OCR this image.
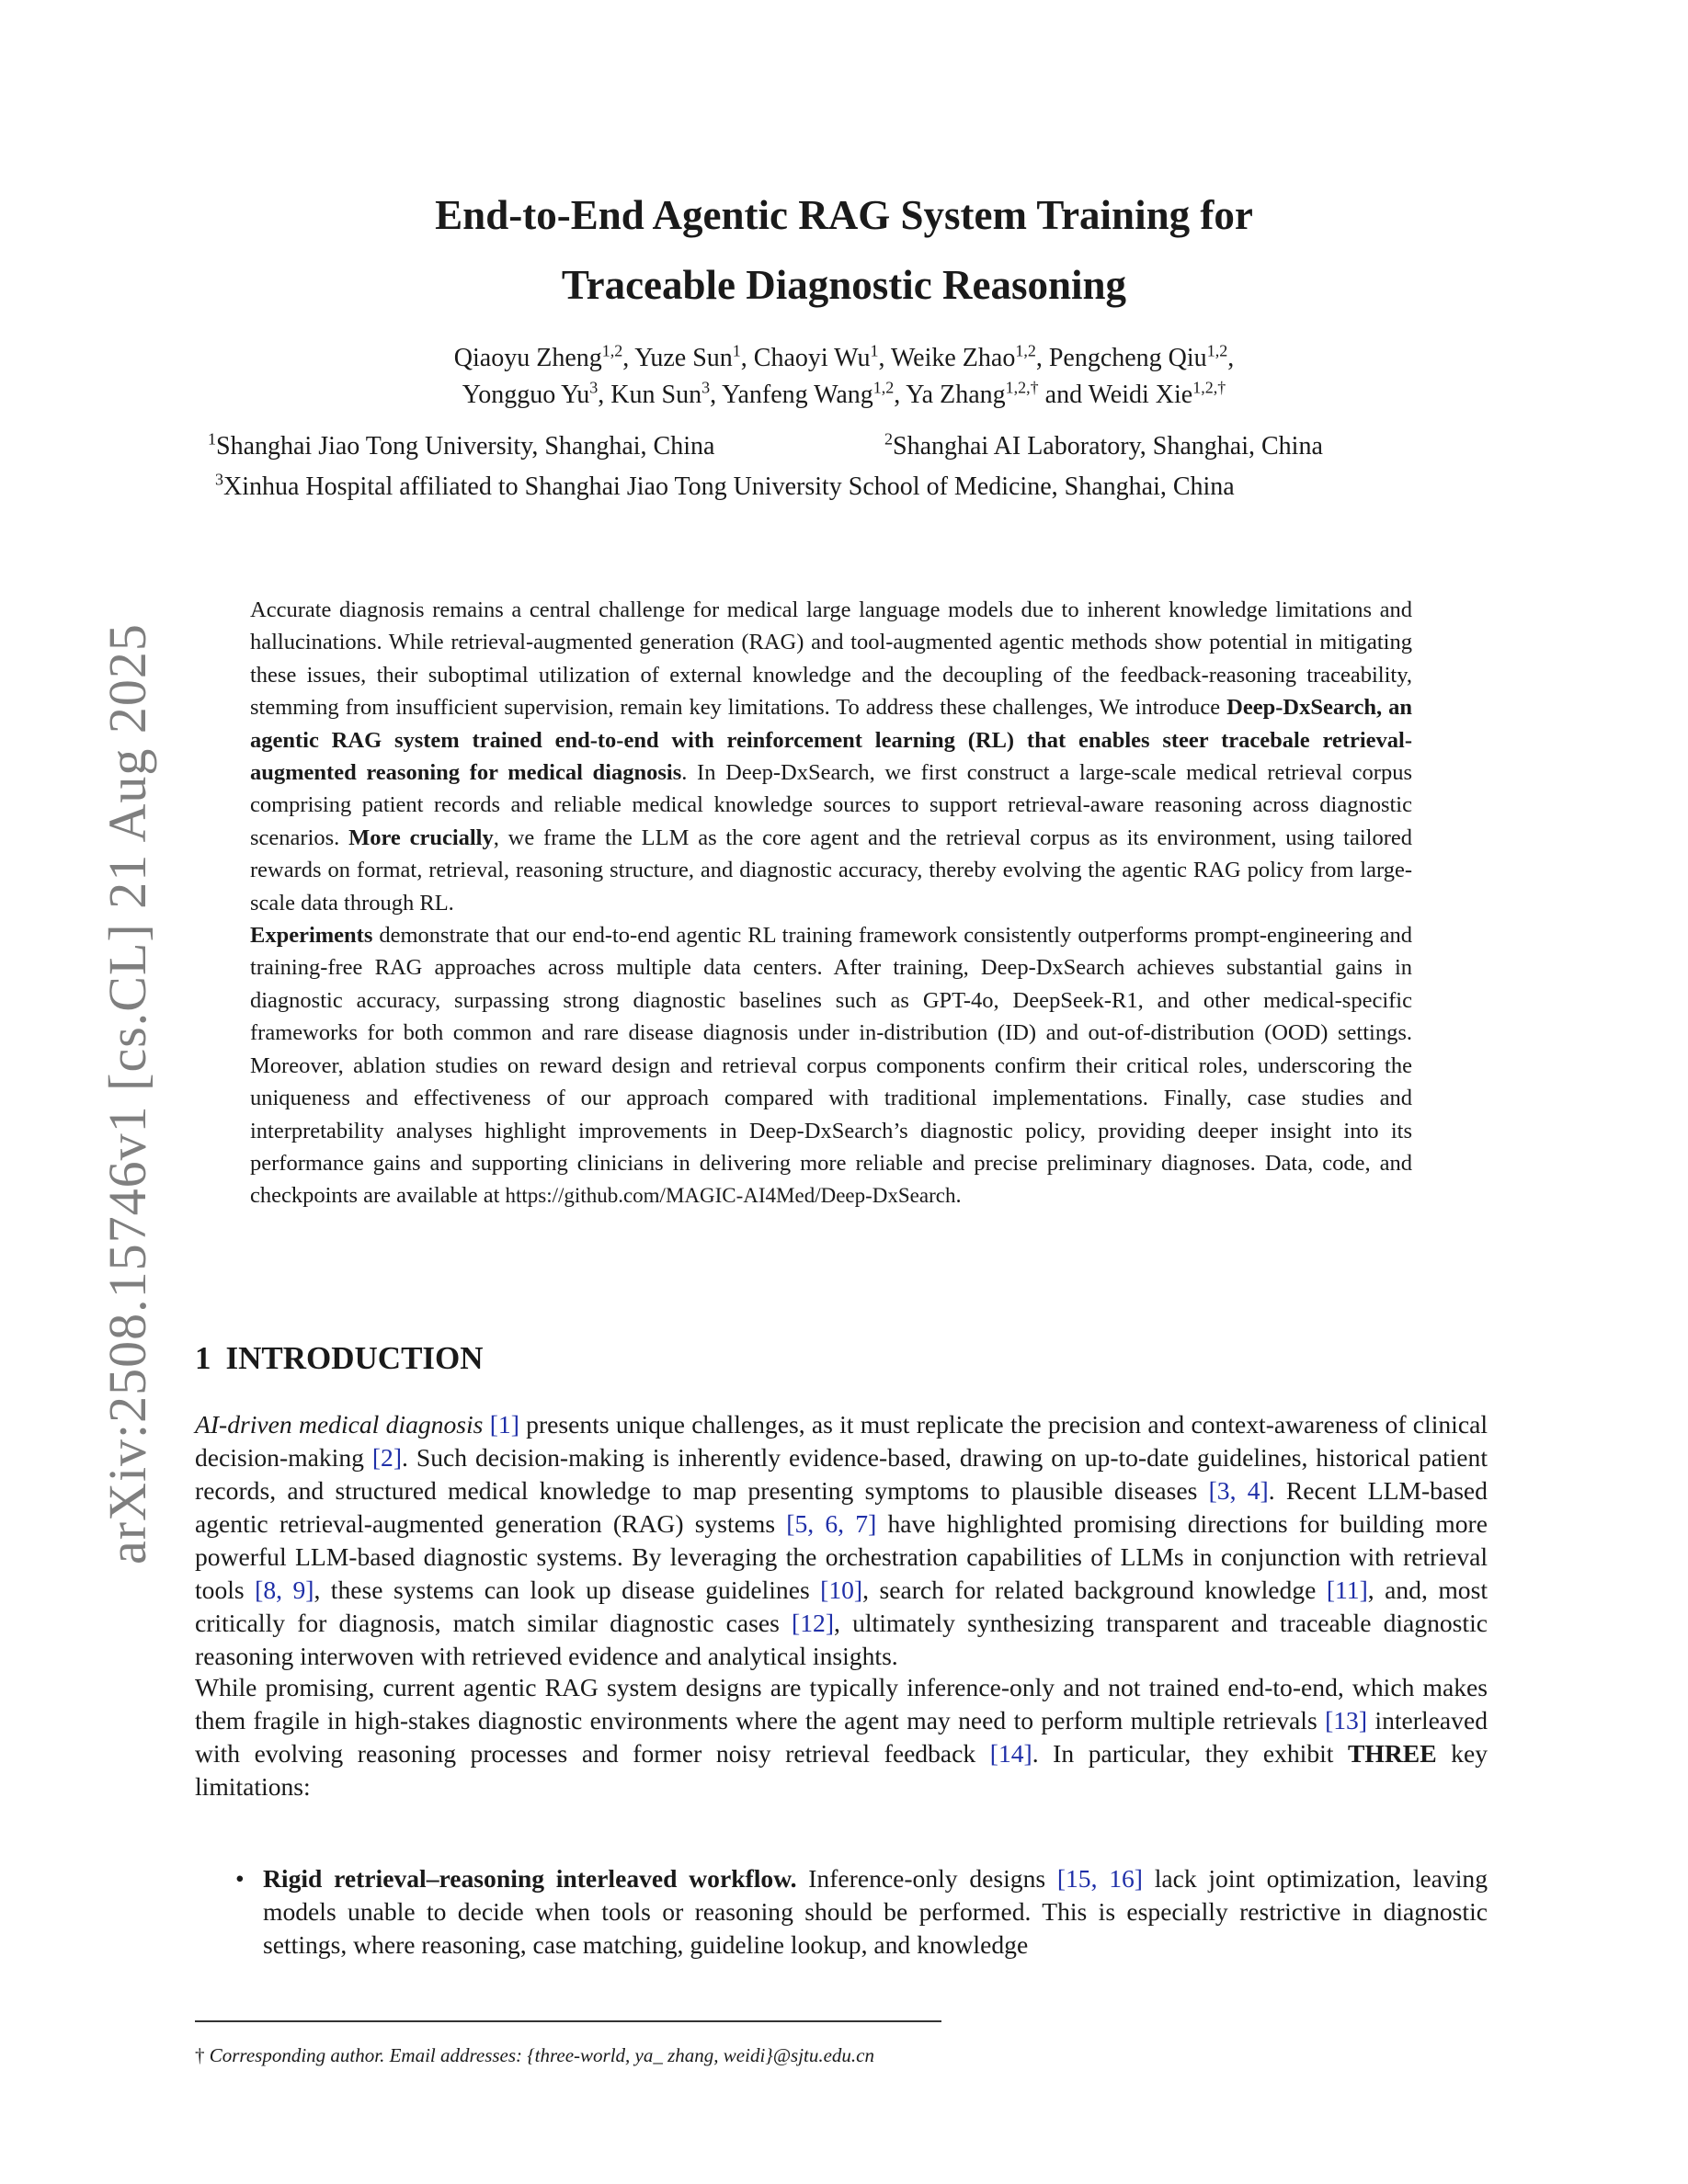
arXiv:2508.15746v1 [cs.CL] 21 Aug 2025

End-to-End Agentic RAG System Training for

Traceable Diagnostic Reasoning

Qiaoyu Zheng$^{1,2}$, Yuze Sun$^1$, Chaoyi Wu$^1$, Weike Zhao$^{1,2}$, Pengcheng Qiu$^{1,2}$,
Yongguo Yu$^3$, Kun Sun$^3$, Yanfeng Wang$^{1,2}$, Ya Zhang$^{1,2,\dagger}$ and Weidi Xie$^{1,2,\dagger}$
$^1$Shanghai Jiao Tong University, Shanghai, China	$^2$Shanghai AI Laboratory, Shanghai, China
$^3$Xinhua Hospital affiliated to Shanghai Jiao Tong University School of Medicine, Shanghai, China

Accurate diagnosis remains a central challenge for medical large language models due to inherent knowledge limitations and hallucinations. While retrieval-augmented generation (RAG) and tool-augmented agentic methods show potential in mitigating these issues, their suboptimal utilization of external knowledge and the decoupling of the feedback-reasoning traceability, stemming from insufficient supervision, remain key limitations. To address these challenges, We introduce Deep-DxSearch, an agentic RAG system trained end-to-end with reinforcement learning (RL) that enables steer tracebale retrieval-augmented reasoning for medical diagnosis. In Deep-DxSearch, we first construct a large-scale medical retrieval corpus comprising patient records and reliable medical knowledge sources to support retrieval-aware reasoning across diagnostic scenarios. More crucially, we frame the LLM as the core agent and the retrieval corpus as its environment, using tailored rewards on format, retrieval, reasoning structure, and diagnostic accuracy, thereby evolving the agentic RAG policy from large-scale data through RL.

Experiments demonstrate that our end-to-end agentic RL training framework consistently outperforms prompt-engineering and training-free RAG approaches across multiple data centers. After training, Deep-DxSearch achieves substantial gains in diagnostic accuracy, surpassing strong diagnostic baselines such as GPT-4o, DeepSeek-R1, and other medical-specific frameworks for both common and rare disease diagnosis under in-distribution (ID) and out-of-distribution (OOD) settings. Moreover, ablation studies on reward design and retrieval corpus components confirm their critical roles, underscoring the uniqueness and effectiveness of our approach compared with traditional implementations. Finally, case studies and interpretability analyses highlight improvements in Deep-DxSearch’s diagnostic policy, providing deeper insight into its performance gains and supporting clinicians in delivering more reliable and precise preliminary diagnoses. Data, code, and checkpoints are available at https://github.com/MAGIC-AI4Med/Deep-DxSearch.

1 INTRODUCTION

AI-driven medical diagnosis [1] presents unique challenges, as it must replicate the precision and context-awareness of clinical decision-making [2]. Such decision-making is inherently evidence-based, drawing on up-to-date guidelines, historical patient records, and structured medical knowledge to map presenting symptoms to plausible diseases [3, 4]. Recent LLM-based agentic retrieval-augmented generation (RAG) systems [5, 6, 7] have highlighted promising directions for building more powerful LLM-based diagnostic systems. By leveraging the orchestration capabilities of LLMs in conjunction with retrieval tools [8, 9], these systems can look up disease guidelines [10], search for related background knowledge [11], and, most critically for diagnosis, match similar diagnostic cases [12], ultimately synthesizing transparent and traceable diagnostic reasoning interwoven with retrieved evidence and analytical insights.

While promising, current agentic RAG system designs are typically inference-only and not trained end-to-end, which makes them fragile in high-stakes diagnostic environments where the agent may need to perform multiple retrievals [13] interleaved with evolving reasoning processes and former noisy retrieval feedback [14]. In particular, they exhibit THREE key limitations:

• Rigid retrieval–reasoning interleaved workflow. Inference-only designs [15, 16] lack joint optimization, leaving models unable to decide when tools or reasoning should be performed. This is especially restrictive in diagnostic settings, where reasoning, case matching, guideline lookup, and knowledge
† Corresponding author. Email addresses: {three-world, ya_ zhang, weidi}@sjtu.edu.cn
